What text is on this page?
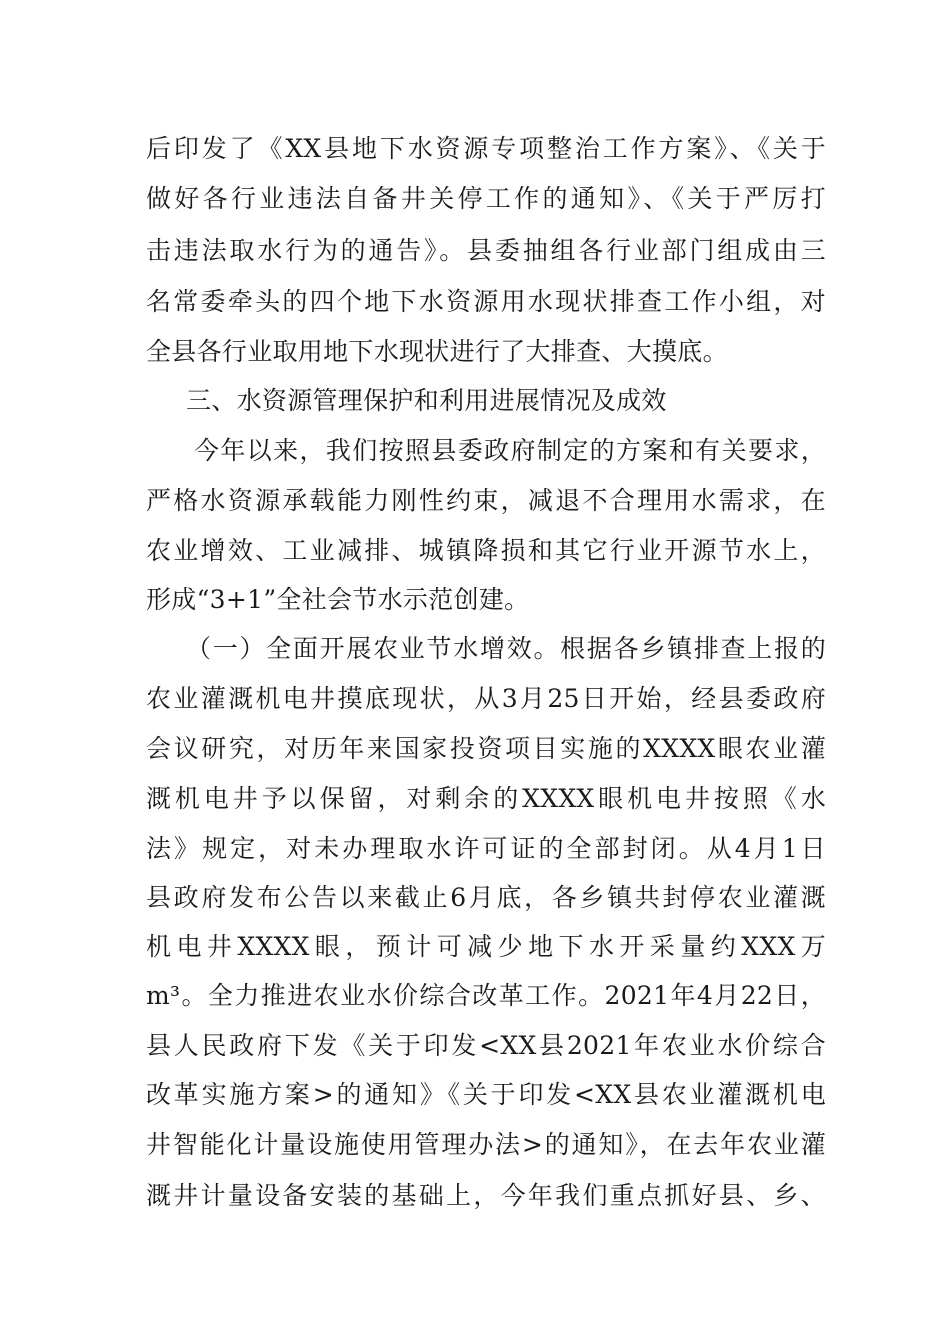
后印发了《XX县地下水资源专项整治工作方案》、《关于
做好各行业违法自备井关停工作的通知》、《关于严厉打
击违法取水行为的通告》。县委抽组各行业部门组成由三
名常委牵头的四个地下水资源用水现状排查工作小组，对
全县各行业取用地下水现状进行了大排查、大摸底。
三、水资源管理保护和利用进展情况及成效
今年以来，我们按照县委政府制定的方案和有关要求，
严格水资源承载能力刚性约束，减退不合理用水需求，在
农业增效、工业减排、城镇降损和其它行业开源节水上，
形成“3+1”全社会节水示范创建。
（一）全面开展农业节水增效。根据各乡镇排查上报的
农业灌溉机电井摸底现状，从3月25日开始，经县委政府
会议研究，对历年来国家投资项目实施的XXXX眼农业灌
溉机电井予以保留，对剩余的XXXX眼机电井按照《水
法》规定，对未办理取水许可证的全部封闭。从4月1日
县政府发布公告以来截止6月底，各乡镇共封停农业灌溉
机电井XXXX眼，预计可减少地下水开采量约XXX万
m³。全力推进农业水价综合改革工作。2021年4月22日，
县人民政府下发《关于印发<XX县2021年农业水价综合
改革实施方案>的通知》《关于印发<XX县农业灌溉机电
井智能化计量设施使用管理办法>的通知》，在去年农业灌
溉井计量设备安装的基础上，今年我们重点抓好县、乡、
